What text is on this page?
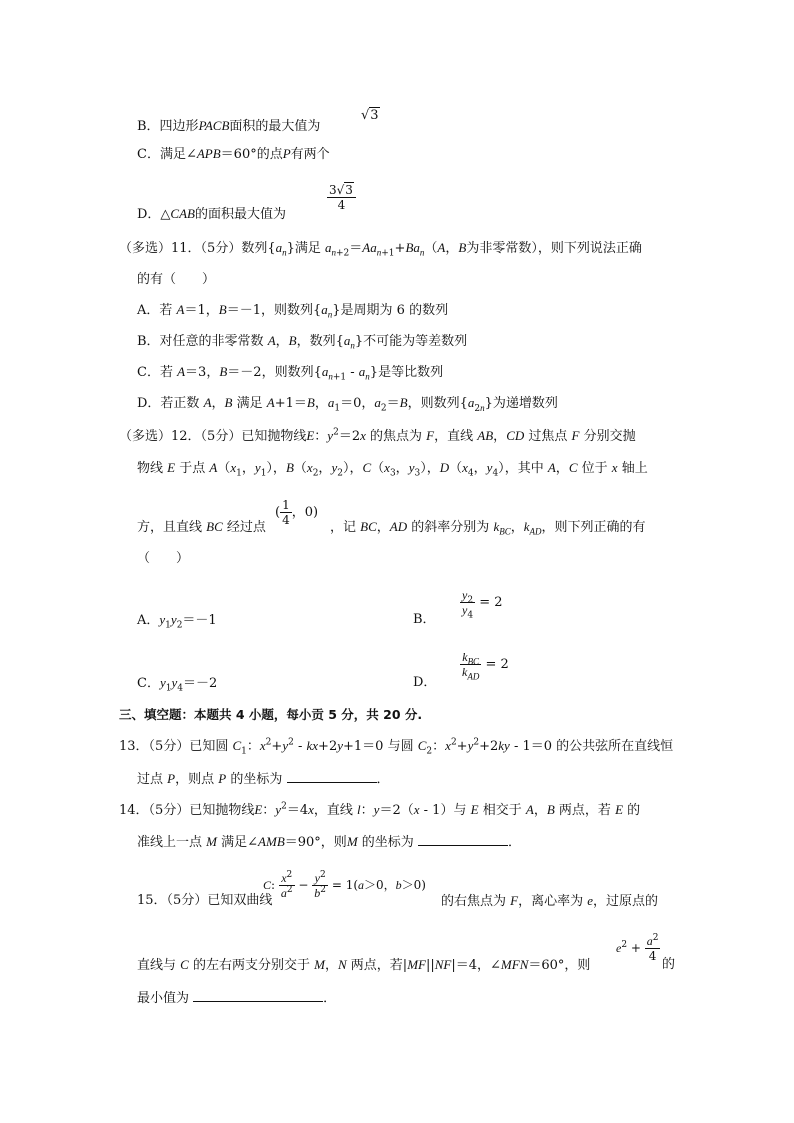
B．四边形PACB面积的最大值为
√3
C．满足∠APB＝60°的点P有两个
D．△CAB的面积最大值为
$\frac{3√3}{4}$
（多选）11．（5分）数列$\{a_n\}$满足 $a_{n+2}=Aa_{n+1}+Ba_n(A$，B为非零常数），则下列说法正确
的有（　　）
A．若 A＝1，B＝－1，则数列$\{a_n\}$是周期为 6 的数列
B．对任意的非零常数 A，B，数列$\{a_n\}$不可能为等差数列
C．若 A＝3，B＝－2，则数列$\{a_{n+1} - a_n\}$是等比数列
D．若正数 A，B 满足 A+1＝B，$a_1=0$，$a_2=B$，则数列$\{a_{2n}\}$为递增数列
（多选）12．（5分）已知抛物线E：$y^2=2x$ 的焦点为 F，直线 AB，CD 过焦点 F 分别交抛
物线 E 于点 $A(x_1$，$y_1$），$B(x_2$，$y_2$），$C(x_3$，$y_3$），$D(x_4$，$y_4$），其中 A，C 位于 x 轴上
方，且直线 BC 经过点
( $\frac{1}{4}$ ，0)
，记 BC，AD 的斜率分别为 $k_{BC}$，$k_{AD}$，则下列正确的有
（　　）
A．$y_1y_2=-1$	B．
$\frac{y_2}{y_4} = 2$
C．$y_1y_4=-2$	D．
$\frac{k_{BC}}{k_{AD}} = 2$
三、填空题：本题共 4 小题，每小贡 5 分，共 20 分.
13．（5分）已知圆 $C_1$：$x^2+y^2 - kx+2y+1=0$ 与圆 $C_2$：$x^2+y^2+2ky - 1=0$ 的公共弦所在直线恒
过点 P，则点 P 的坐标为	．
14．（5分）已知抛物线E：$y^2=4x$，直线 l：y＝2（x - 1）与 E 相交于 A，B 两点，若 E 的
准线上一点 M 满足∠AMB＝90°，则M 的坐标为	．
15．（5分）已知双曲线
C: $\frac{x^2}{a^2} - \frac{y^2}{b^2} = 1(a>0$，b＞0)
的右焦点为 F，离心率为 e，过原点的
直线与 C 的左右两支分别交于 M，N 两点，若|MF||NF|＝4，∠MFN＝60°，则
$e^2 + \frac{a^2}{4}$
的
最小值为	．
